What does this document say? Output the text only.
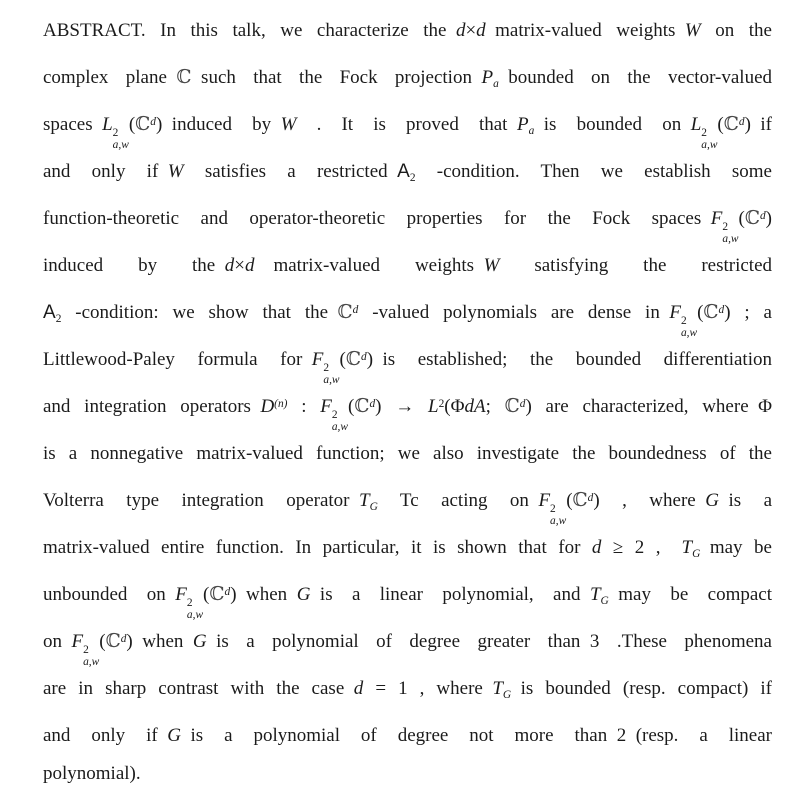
ABSTRACT. In this talk, we characterize the d×d matrix-valued weights W on the
complex plane ℂ such that the Fock projection Pa bounded on the vector-valued
spaces L 2
a,w
(ℂ$^d$) induced by W . It is proved that Pa is bounded on L 2
a,w
(ℂ$^d$) if
and only if W satisfies a restricted A2 -condition. Then we establish some
function-theoretic and operator-theoretic properties for the Fock spaces F 2
a,w
(ℂ$^d$)
induced by the d×d matrix-valued weights W satisfying the restricted
A2 -condition: we show that the ℂ$^d$ -valued polynomials are dense in F 2
a,w
(ℂ$^d$) ; a
Littlewood-Paley formula for F 2
a,w
(ℂ$^d$) is established; the bounded differentiation
and integration operators $D^{(n)}$ : F 2
a,w
(ℂ$^d$) → $L^2(\Phi dA$; ℂ$^d$) are characterized, where Φ
is a nonnegative matrix-valued function; we also investigate the boundedness of the
Volterra type integration operator TG Tc acting on F 2
a,w
(ℂ$^d$) , where G is a
matrix-valued entire function. In particular, it is shown that for d ≥ 2 , TG may be
unbounded on F 2
a,w
(ℂ$^d$) when G is a linear polynomial, and TG may be compact
on F 2
a,w
(ℂ$^d$) when G is a polynomial of degree greater than 3 .These phenomena
are in sharp contrast with the case d = 1 , where TG is bounded (resp. compact) if
and only if G is a polynomial of degree not more than 2 (resp. a linear
polynomial).
